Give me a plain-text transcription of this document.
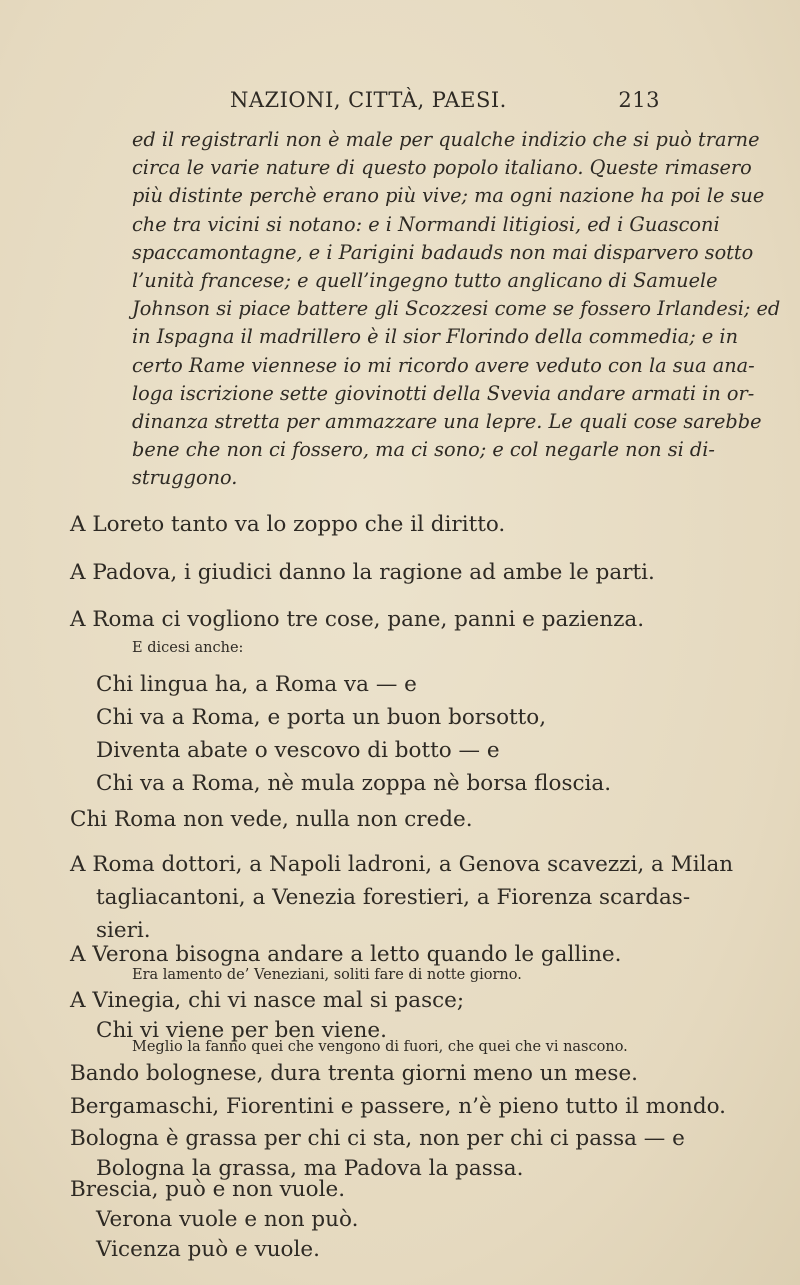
NAZIONI, CITTÀ, PAESI.	213
ed il registrarli non è male per qualche indizio che si può trarne
circa le varie nature di questo popolo italiano. Queste rimasero
più distinte perchè erano più vive; ma ogni nazione ha poi le sue
che tra vicini si notano: e i Normandi litigiosi, ed i Guasconi
spaccamontagne, e i Parigini badauds non mai disparvero sotto
l’unità francese; e quell’ingegno tutto anglicano di Samuele
Johnson si piace battere gli Scozzesi come se fossero Irlandesi; ed
in Ispagna il madrillero è il sior Florindo della commedia; e in
certo Rame viennese io mi ricordo avere veduto con la sua ana-
loga iscrizione sette giovinotti della Svevia andare armati in or-
dinanza stretta per ammazzare una lepre. Le quali cose sarebbe
bene che non ci fossero, ma ci sono; e col negarle non si di-
struggono.
A Loreto tanto va lo zoppo che il diritto.
A Padova, i giudici danno la ragione ad ambe le parti.
A Roma ci vogliono tre cose, pane, panni e pazienza.
E dicesi anche:
Chi lingua ha, a Roma va — e
Chi va a Roma, e porta un buon borsotto,
Diventa abate o vescovo di botto — e
Chi va a Roma, nè mula zoppa nè borsa floscia.
Chi Roma non vede, nulla non crede.
A Roma dottori, a Napoli ladroni, a Genova scavezzi, a Milan
tagliacantoni, a Venezia forestieri, a Fiorenza scardas-
sieri.
A Verona bisogna andare a letto quando le galline.
Era lamento de’ Veneziani, soliti fare di notte giorno.
A Vinegia, chi vi nasce mal si pasce;
Chi vi viene per ben viene.
Meglio la fanno quei che vengono di fuori, che quei che vi nascono.
Bando bolognese, dura trenta giorni meno un mese.
Bergamaschi, Fiorentini e passere, n’è pieno tutto il mondo.
Bologna è grassa per chi ci sta, non per chi ci passa — e
Bologna la grassa, ma Padova la passa.
Brescia, può e non vuole.
Verona vuole e non può.
Vicenza può e vuole.
